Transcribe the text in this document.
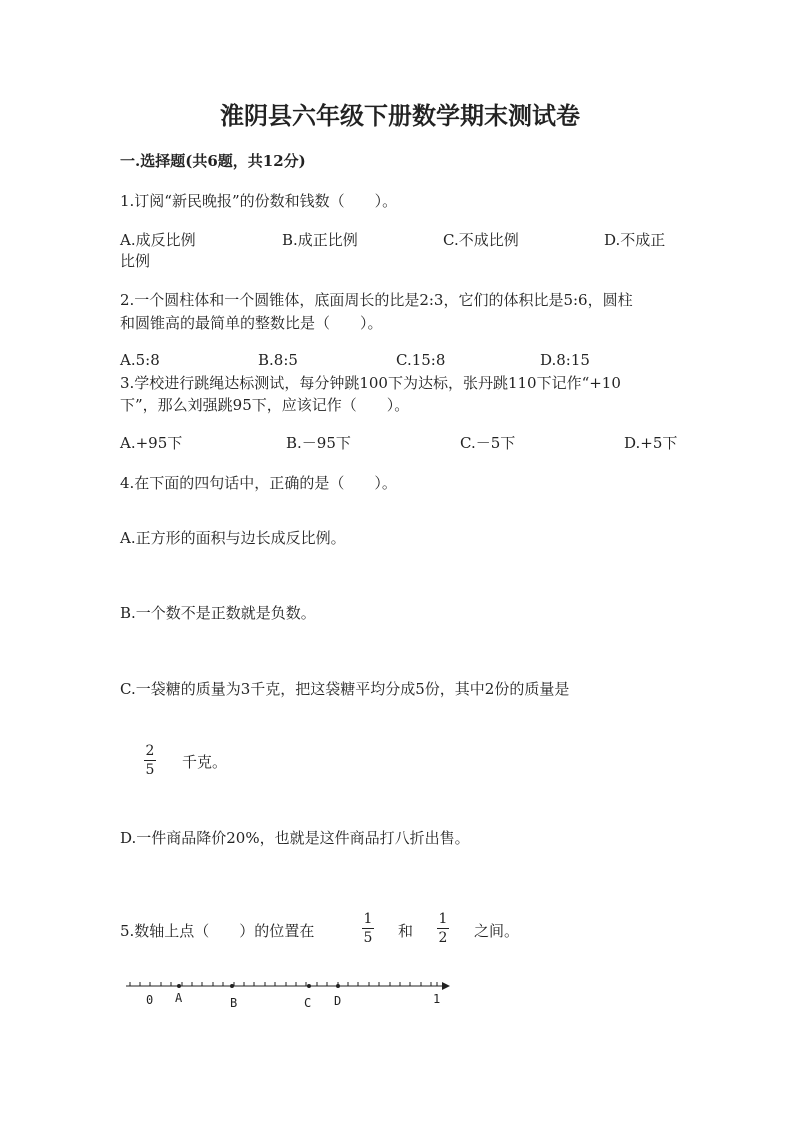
淮阴县六年级下册数学期末测试卷
一.选择题(共6题，共12分)
1.订阅“新民晚报”的份数和钱数（　　）。
A.成反比例	B.成正比例	C.不成比例	D.不成正
比例
2.一个圆柱体和一个圆锥体，底面周长的比是2:3，它们的体积比是5:6，圆柱
和圆锥高的最简单的整数比是（　　）。
A.5:8	B.8:5	C.15:8	D.8:15
3.学校进行跳绳达标测试，每分钟跳100下为达标，张丹跳110下记作“+10
下”，那么刘强跳95下，应该记作（　　）。
A.+95下	B.－95下	C.－5下	D.+5下
4.在下面的四句话中，正确的是（　　）。
A.正方形的面积与边长成反比例。
B.一个数不是正数就是负数。
C.一袋糖的质量为3千克，把这袋糖平均分成5份，其中2份的质量是
2
5 千克。
D.一件商品降价20%，也就是这件商品打八折出售。
5.数轴上点（　　）的位置在
1
5 和
1
2 之间。
0 A	B	C D	1
